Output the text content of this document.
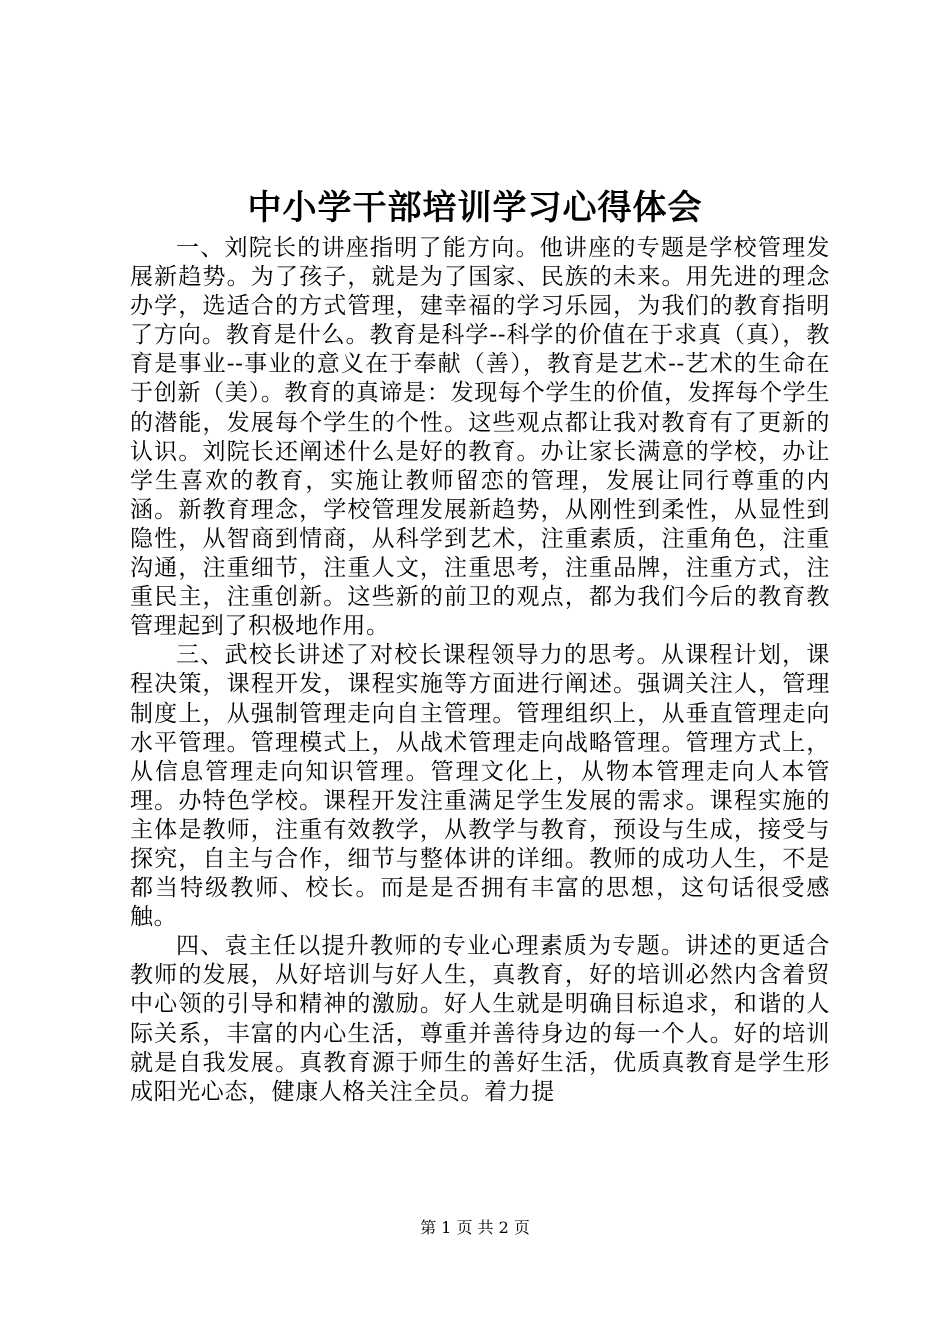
中小学干部培训学习心得体会

一、刘院长的讲座指明了能方向。他讲座的专题是学校管理发展新趋势。为了孩子，就是为了国家、民族的未来。用先进的理念办学，选适合的方式管理，建幸福的学习乐园，为我们的教育指明了方向。教育是什么。教育是科学--科学的价值在于求真（真），教育是事业--事业的意义在于奉献（善），教育是艺术--艺术的生命在于创新（美）。教育的真谛是：发现每个学生的价值，发挥每个学生的潜能，发展每个学生的个性。这些观点都让我对教育有了更新的认识。刘院长还阐述什么是好的教育。办让家长满意的学校，办让学生喜欢的教育，实施让教师留恋的管理，发展让同行尊重的内涵。新教育理念，学校管理发展新趋势，从刚性到柔性，从显性到隐性，从智商到情商，从科学到艺术，注重素质，注重角色，注重沟通，注重细节，注重人文，注重思考，注重品牌，注重方式，注重民主，注重创新。这些新的前卫的观点，都为我们今后的教育教管理起到了积极地作用。

三、武校长讲述了对校长课程领导力的思考。从课程计划，课程决策，课程开发，课程实施等方面进行阐述。强调关注人，管理制度上，从强制管理走向自主管理。管理组织上，从垂直管理走向水平管理。管理模式上，从战术管理走向战略管理。管理方式上，从信息管理走向知识管理。管理文化上，从物本管理走向人本管理。办特色学校。课程开发注重满足学生发展的需求。课程实施的主体是教师，注重有效教学，从教学与教育，预设与生成，接受与探究，自主与合作，细节与整体讲的详细。教师的成功人生，不是都当特级教师、校长。而是是否拥有丰富的思想，这句话很受感触。

四、袁主任以提升教师的专业心理素质为专题。讲述的更适合教师的发展，从好培训与好人生，真教育，好的培训必然内含着贸中心领的引导和精神的激励。好人生就是明确目标追求，和谐的人际关系，丰富的内心生活，尊重并善待身边的每一个人。好的培训就是自我发展。真教育源于师生的善好生活，优质真教育是学生形成阳光心态，健康人格关注全员。着力提

第 1 页 共 2 页
